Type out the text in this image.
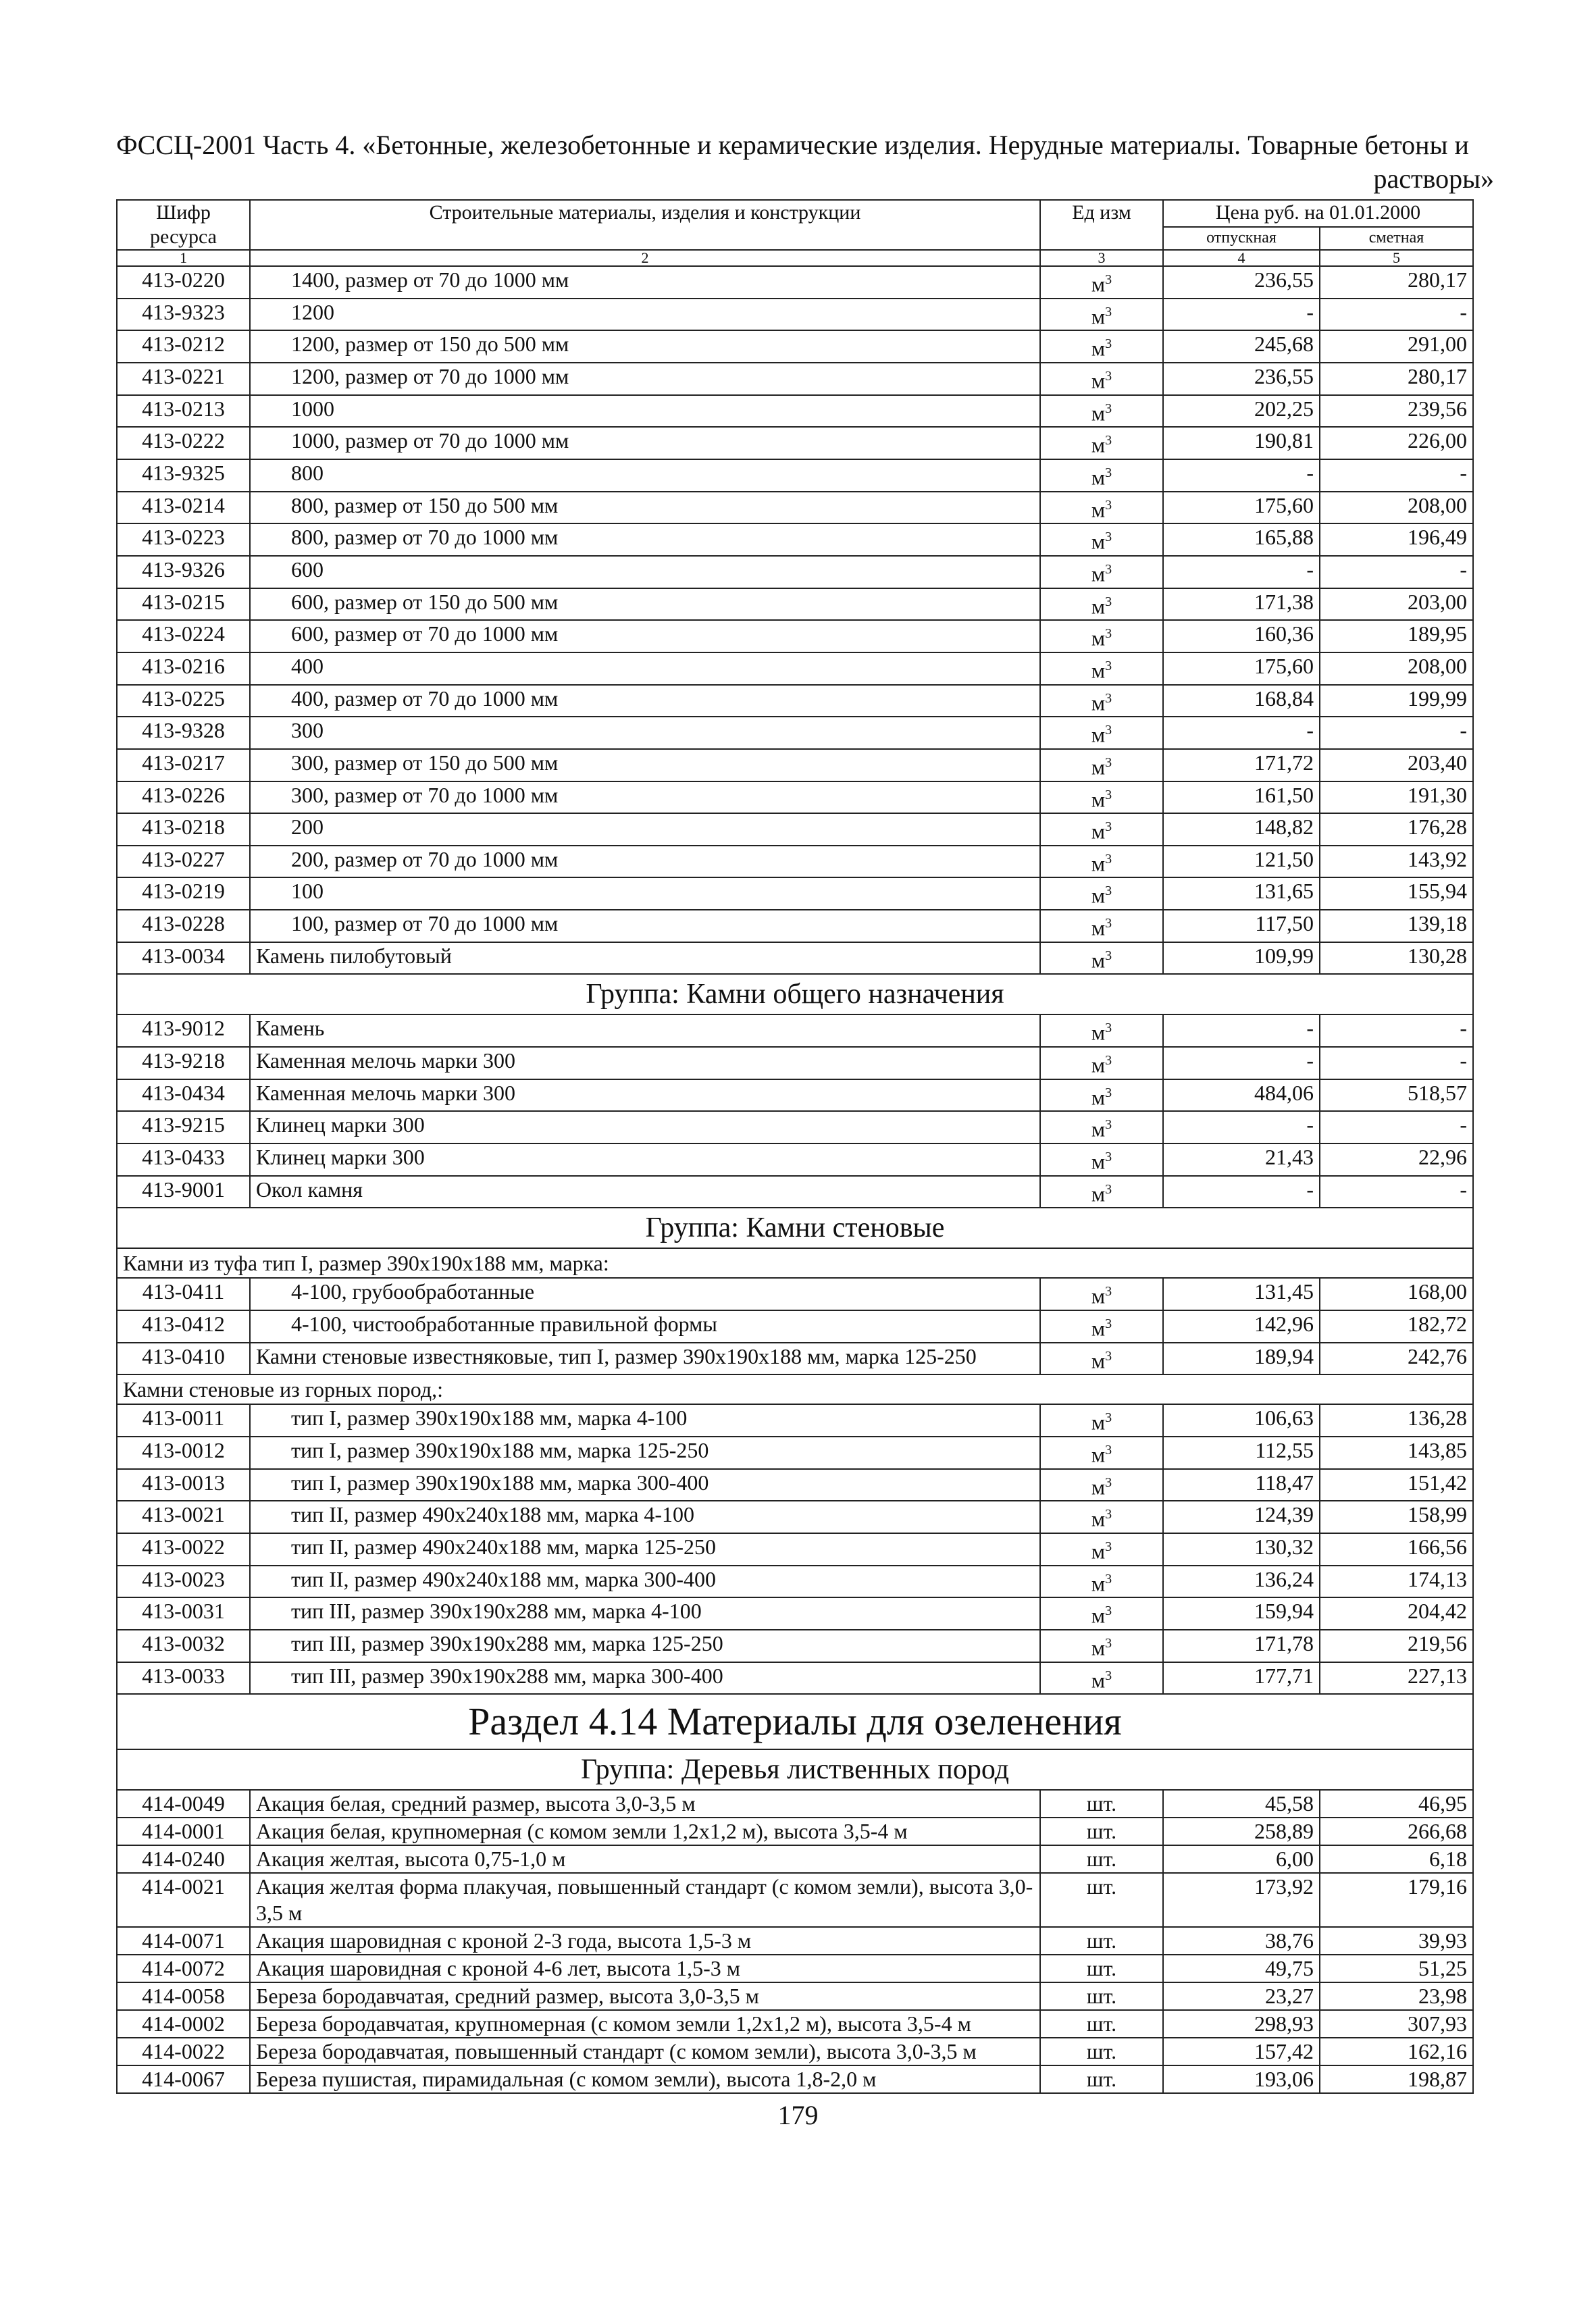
ФССЦ-2001 Часть 4. «Бетонные, железобетонные и керамические изделия. Нерудные материалы. Товарные бетоны и
растворы»
Шифр ресурса	Строительные материалы, изделия и конструкции	Ед изм	Цена руб. на 01.01.2000	
			отпускная	сметная
1	2	3	4	5
413-0220	1400, размер от 70 до 1000 мм	$м^3$	236,55	280,17
413-9323	1200	$м^3$	-	-
413-0212	1200, размер от 150 до 500 мм	$м^3$	245,68	291,00
413-0221	1200, размер от 70 до 1000 мм	$м^3$	236,55	280,17
413-0213	1000	$м^3$	202,25	239,56
413-0222	1000, размер от 70 до 1000 мм	$м^3$	190,81	226,00
413-9325	800	$м^3$	-	-
413-0214	800, размер от 150 до 500 мм	$м^3$	175,60	208,00
413-0223	800, размер от 70 до 1000 мм	$м^3$	165,88	196,49
413-9326	600	$м^3$	-	-
413-0215	600, размер от 150 до 500 мм	$м^3$	171,38	203,00
413-0224	600, размер от 70 до 1000 мм	$м^3$	160,36	189,95
413-0216	400	$м^3$	175,60	208,00
413-0225	400, размер от 70 до 1000 мм	$м^3$	168,84	199,99
413-9328	300	$м^3$	-	-
413-0217	300, размер от 150 до 500 мм	$м^3$	171,72	203,40
413-0226	300, размер от 70 до 1000 мм	$м^3$	161,50	191,30
413-0218	200	$м^3$	148,82	176,28
413-0227	200, размер от 70 до 1000 мм	$м^3$	121,50	143,92
413-0219	100	$м^3$	131,65	155,94
413-0228	100, размер от 70 до 1000 мм	$м^3$	117,50	139,18
413-0034	Камень пилобутовый	$м^3$	109,99	130,28
Группа: Камни общего назначения				
413-9012	Камень	$м^3$	-	-
413-9218	Каменная мелочь марки 300	$м^3$	-	-
413-0434	Каменная мелочь марки 300	$м^3$	484,06	518,57
413-9215	Клинец марки 300	$м^3$	-	-
413-0433	Клинец марки 300	$м^3$	21,43	22,96
413-9001	Окол камня	$м^3$	-	-
Группа: Камни стеновые				
Камни из туфа тип I, размер 390x190x188 мм, марка:				
413-0411	4-100, грубообработанные	$м^3$	131,45	168,00
413-0412	4-100, чистообработанные правильной формы	$м^3$	142,96	182,72
413-0410	Камни стеновые известняковые, тип I, размер 390x190x188 мм, марка 125-250	$м^3$	189,94	242,76
Камни стеновые из горных пород,:				
413-0011	тип I, размер 390x190x188 мм, марка 4-100	$м^3$	106,63	136,28
413-0012	тип I, размер 390x190x188 мм, марка 125-250	$м^3$	112,55	143,85
413-0013	тип I, размер 390x190x188 мм, марка 300-400	$м^3$	118,47	151,42
413-0021	тип II, размер 490x240x188 мм, марка 4-100	$м^3$	124,39	158,99
413-0022	тип II, размер 490x240x188 мм, марка 125-250	$м^3$	130,32	166,56
413-0023	тип II, размер 490x240x188 мм, марка 300-400	$м^3$	136,24	174,13
413-0031	тип III, размер 390x190x288 мм, марка 4-100	$м^3$	159,94	204,42
413-0032	тип III, размер 390x190x288 мм, марка 125-250	$м^3$	171,78	219,56
413-0033	тип III, размер 390x190x288 мм, марка 300-400	$м^3$	177,71	227,13
Раздел 4.14 Материалы для озеленения				
Группа: Деревья лиственных пород				
414-0049	Акация белая, средний размер, высота 3,0-3,5 м	шт.	45,58	46,95
414-0001	Акация белая, крупномерная (с комом земли 1,2x1,2 м), высота 3,5-4 м	шт.	258,89	266,68
414-0240	Акация желтая, высота 0,75-1,0 м	шт.	6,00	6,18
414-0021	Акация желтая форма плакучая, повышенный стандарт (с комом земли), высота 3,0-3,5 м	шт.	173,92	179,16
414-0071	Акация шаровидная с кроной 2-3 года, высота 1,5-3 м	шт.	38,76	39,93
414-0072	Акация шаровидная с кроной 4-6 лет, высота 1,5-3 м	шт.	49,75	51,25
414-0058	Береза бородавчатая, средний размер, высота 3,0-3,5 м	шт.	23,27	23,98
414-0002	Береза бородавчатая, крупномерная (с комом земли 1,2x1,2 м), высота 3,5-4 м	шт.	298,93	307,93
414-0022	Береза бородавчатая, повышенный стандарт (с комом земли), высота 3,0-3,5 м	шт.	157,42	162,16
414-0067	Береза пушистая, пирамидальная (с комом земли), высота 1,8-2,0 м	шт.	193,06	198,87
179
